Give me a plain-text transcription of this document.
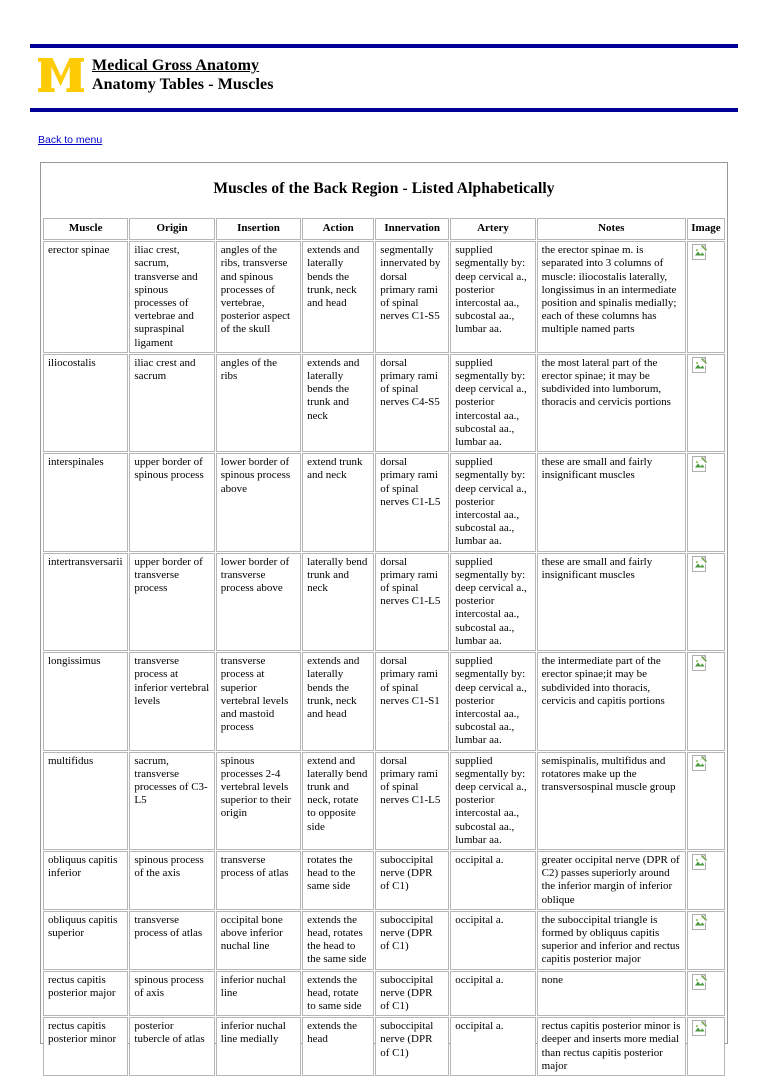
Medical Gross Anatomy
Anatomy Tables - Muscles
Back to menu
Muscles of the Back Region - Listed Alphabetically
Muscle	Origin	Insertion	Action	Innervation	Artery	Notes	Image
erector spinae	iliac crest, sacrum, transverse and spinous processes of vertebrae and supraspinal ligament	angles of the ribs, transverse and spinous processes of vertebrae, posterior aspect of the skull	extends and laterally bends the trunk, neck and head	segmentally innervated by dorsal primary rami of spinal nerves C1-S5	supplied segmentally by: deep cervical a., posterior intercostal aa., subcostal aa., lumbar aa.	the erector spinae m. is separated into 3 columns of muscle: iliocostalis laterally, longissimus in an intermediate position and spinalis medially; each of these columns has multiple named parts	
iliocostalis	iliac crest and sacrum	angles of the ribs	extends and laterally bends the trunk and neck	dorsal primary rami of spinal nerves C4-S5	supplied segmentally by: deep cervical a., posterior intercostal aa., subcostal aa., lumbar aa.	the most lateral part of the erector spinae; it may be subdivided into lumborum, thoracis and cervicis portions	
interspinales	upper border of spinous process	lower border of spinous process above	extend trunk and neck	dorsal primary rami of spinal nerves C1-L5	supplied segmentally by: deep cervical a., posterior intercostal aa., subcostal aa., lumbar aa.	these are small and fairly insignificant muscles	
intertransversarii	upper border of transverse process	lower border of transverse process above	laterally bend trunk and neck	dorsal primary rami of spinal nerves C1-L5	supplied segmentally by: deep cervical a., posterior intercostal aa., subcostal aa., lumbar aa.	these are small and fairly insignificant muscles	
longissimus	transverse process at inferior vertebral levels	transverse process at superior vertebral levels and mastoid process	extends and laterally bends the trunk, neck and head	dorsal primary rami of spinal nerves C1-S1	supplied segmentally by: deep cervical a., posterior intercostal aa., subcostal aa., lumbar aa.	the intermediate part of the erector spinae;it may be subdivided into thoracis, cervicis and capitis portions	
multifidus	sacrum, transverse processes of C3-L5	spinous processes 2-4 vertebral levels superior to their origin	extend and laterally bend trunk and neck, rotate to opposite side	dorsal primary rami of spinal nerves C1-L5	supplied segmentally by: deep cervical a., posterior intercostal aa., subcostal aa., lumbar aa.	semispinalis, multifidus and rotatores make up the transversospinal muscle group	
obliquus capitis inferior	spinous process of the axis	transverse process of atlas	rotates the head to the same side	suboccipital nerve (DPR of C1)	occipital a.	greater occipital nerve (DPR of C2) passes superiorly around the inferior margin of inferior oblique	
obliquus capitis superior	transverse process of atlas	occipital bone above inferior nuchal line	extends the head, rotates the head to the same side	suboccipital nerve (DPR of C1)	occipital a.	the suboccipital triangle is formed by obliquus capitis superior and inferior and rectus capitis posterior major	
rectus capitis posterior major	spinous process of axis	inferior nuchal line	extends the head, rotate to same side	suboccipital nerve (DPR of C1)	occipital a.	none	
rectus capitis posterior minor	posterior tubercle of atlas	inferior nuchal line medially	extends the head	suboccipital nerve (DPR of C1)	occipital a.	rectus capitis posterior minor is deeper and inserts more medial than rectus capitis posterior major	
